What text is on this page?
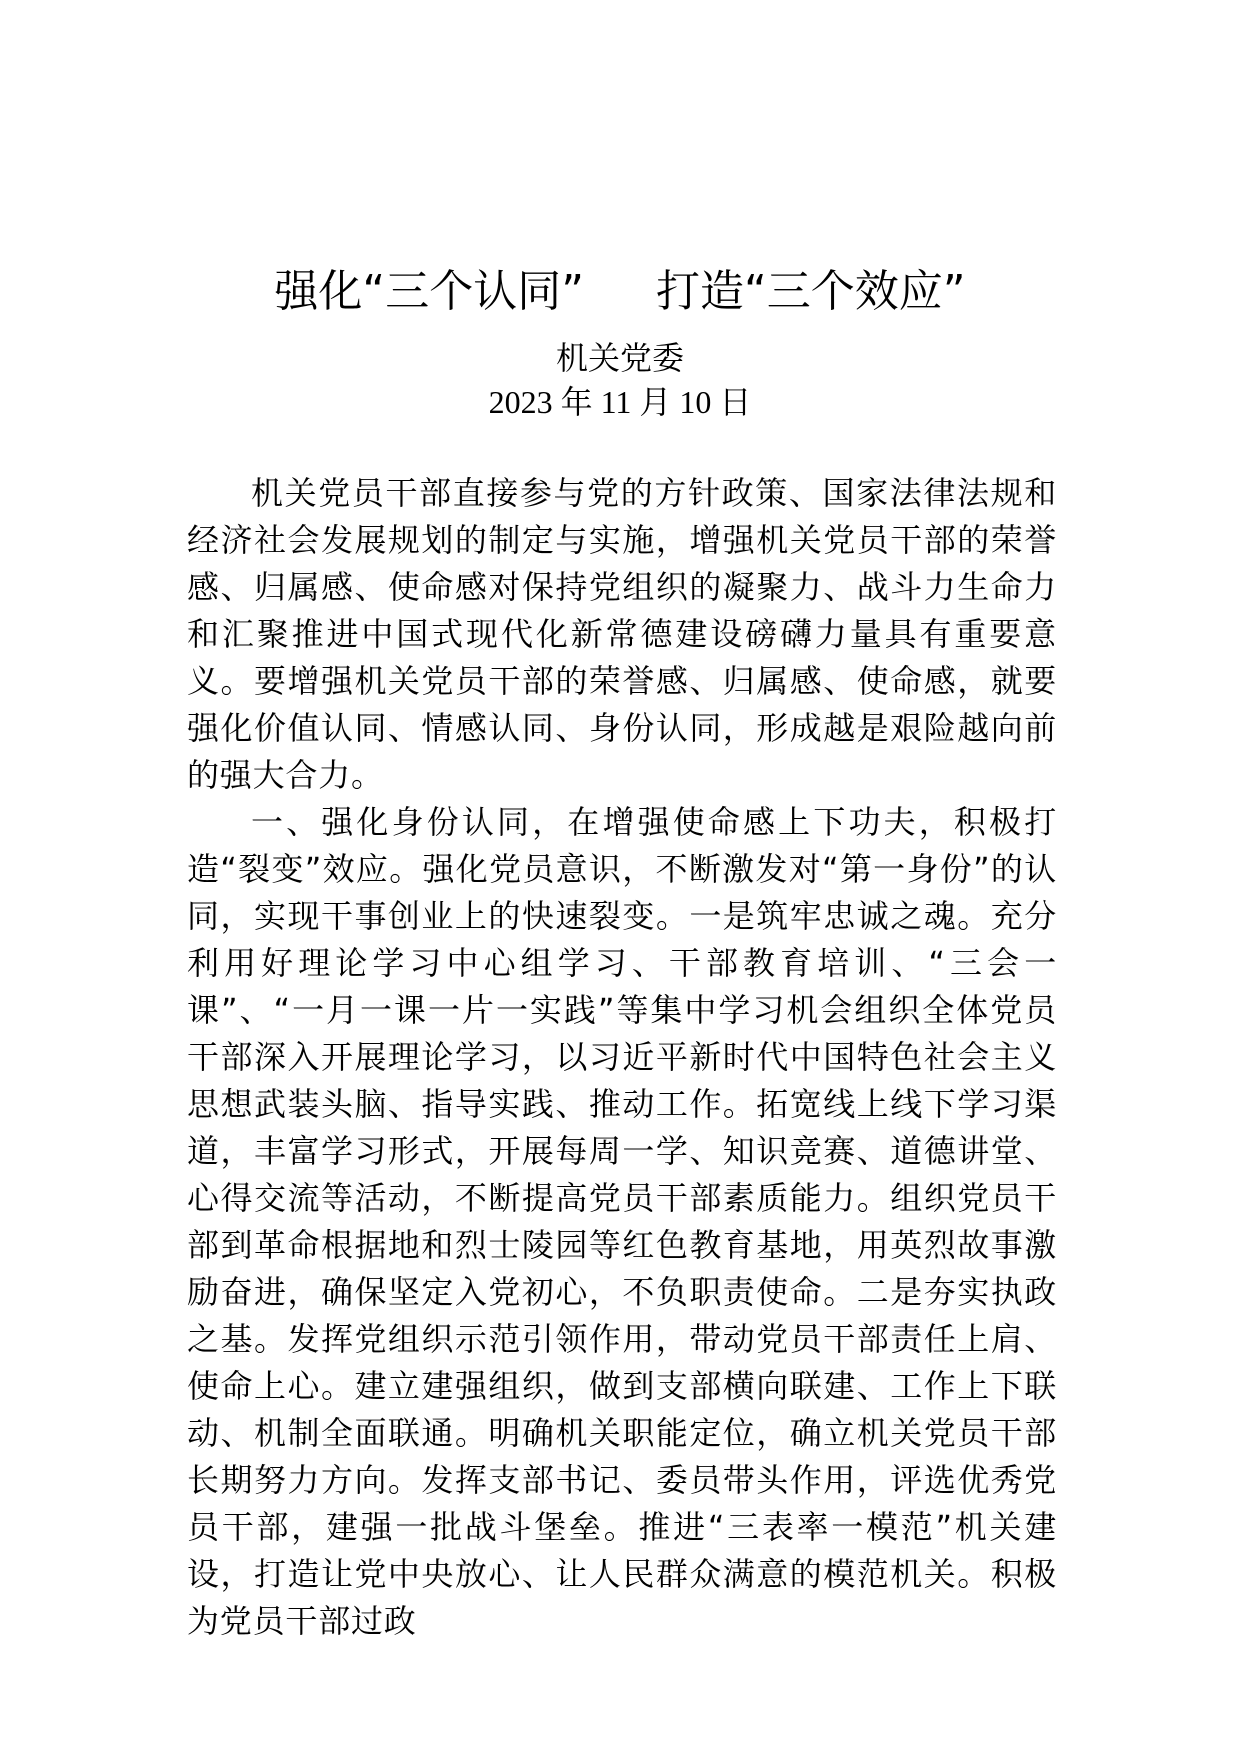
强化“三个认同” 打造“三个效应”
机关党委
2023 年 11 月 10 日

机关党员干部直接参与党的方针政策、国家法律法规和经济社会发展规划的制定与实施，增强机关党员干部的荣誉感、归属感、使命感对保持党组织的凝聚力、战斗力生命力和汇聚推进中国式现代化新常德建设磅礴力量具有重要意义。要增强机关党员干部的荣誉感、归属感、使命感，就要强化价值认同、情感认同、身份认同，形成越是艰险越向前的强大合力。

一、强化身份认同，在增强使命感上下功夫，积极打造“裂变”效应。强化党员意识，不断激发对“第一身份”的认同，实现干事创业上的快速裂变。一是筑牢忠诚之魂。充分利用好理论学习中心组学习、干部教育培训、“三会一课”、“一月一课一片一实践”等集中学习机会组织全体党员干部深入开展理论学习，以习近平新时代中国特色社会主义思想武装头脑、指导实践、推动工作。拓宽线上线下学习渠道，丰富学习形式，开展每周一学、知识竞赛、道德讲堂、心得交流等活动，不断提高党员干部素质能力。组织党员干部到革命根据地和烈士陵园等红色教育基地，用英烈故事激励奋进，确保坚定入党初心，不负职责使命。二是夯实执政之基。发挥党组织示范引领作用，带动党员干部责任上肩、使命上心。建立建强组织，做到支部横向联建、工作上下联动、机制全面联通。明确机关职能定位，确立机关党员干部长期努力方向。发挥支部书记、委员带头作用，评选优秀党员干部，建强一批战斗堡垒。推进“三表率一模范”机关建设，打造让党中央放心、让人民群众满意的模范机关。积极为党员干部过政
